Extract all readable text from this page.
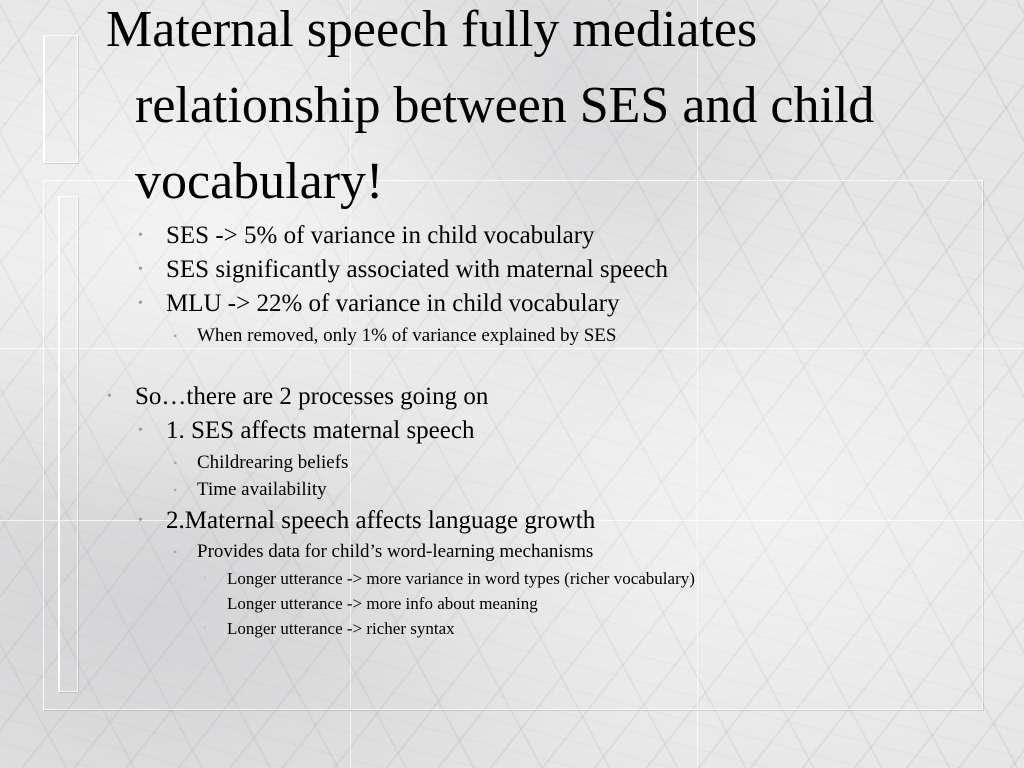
Maternal speech fully mediates relationship between SES and child vocabulary!
• SES -> 5% of variance in child vocabulary
• SES significantly associated with maternal speech
• MLU -> 22% of variance in child vocabulary
• When removed, only 1% of variance explained by SES
• So…there are 2 processes going on
• 1. SES affects maternal speech
• Childrearing beliefs
• Time availability
• 2.Maternal speech affects language growth
• Provides data for child’s word-learning mechanisms
• Longer utterance -> more variance in word types (richer vocabulary)
• Longer utterance -> more info about meaning
• Longer utterance -> richer syntax
